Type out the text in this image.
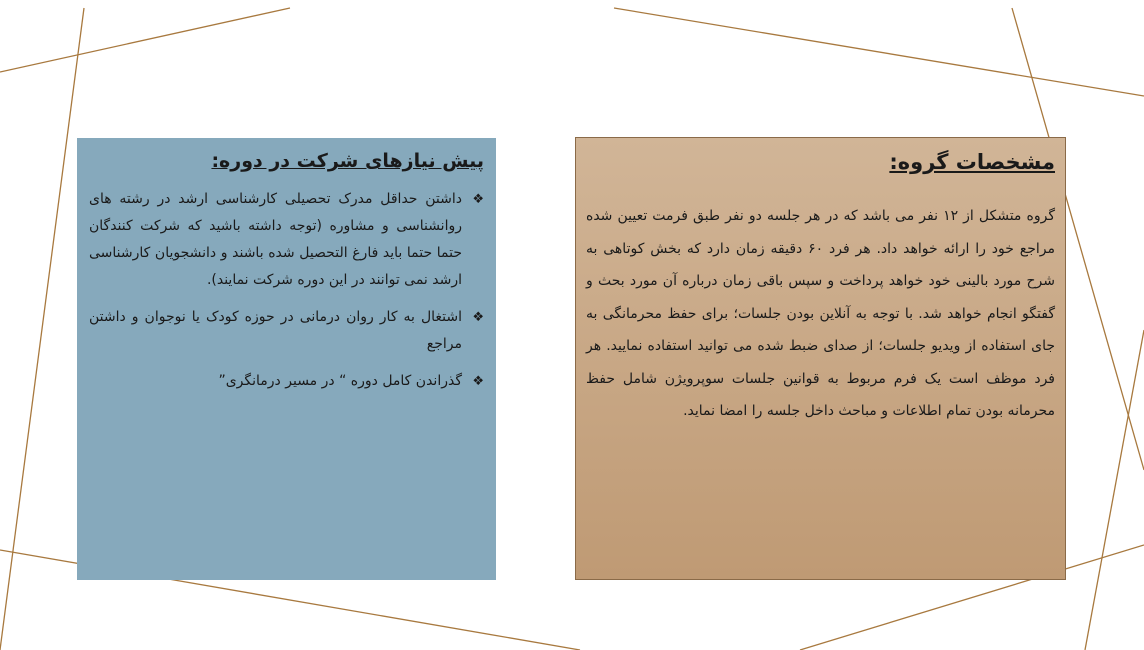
پیش نیازهای شرکت در دوره:
❖
داشتن حداقل مدرک تحصیلی کارشناسی ارشد در رشته های روانشناسی و مشاوره (توجه داشته باشید که شرکت کنندگان حتما حتما باید فارغ التحصیل شده باشند و دانشجویان کارشناسی ارشد نمی توانند در این دوره شرکت نمایند).
❖
اشتغال به کار روان درمانی در حوزه کودک یا نوجوان و داشتن مراجع
❖
گذراندن کامل دوره “ در مسیر درمانگری”
مشخصات گروه:

گروه متشکل از ۱۲ نفر می باشد که در هر جلسه دو نفر طبق فرمت تعیین شده مراجع خود را ارائه خواهد داد. هر فرد ۶۰ دقیقه زمان دارد که بخش کوتاهی به شرح مورد بالینی خود خواهد پرداخت و سپس باقی زمان درباره آن مورد بحث و گفتگو انجام خواهد شد. با توجه به آنلاین بودن جلسات؛ برای حفظ محرمانگی به جای استفاده از ویدیو جلسات؛ از صدای ضبط شده می توانید استفاده نمایید. هر فرد موظف است یک فرم مربوط به قوانین جلسات سوپرویژن شامل حفظ محرمانه بودن تمام اطلاعات و مباحث داخل جلسه را امضا نماید.
